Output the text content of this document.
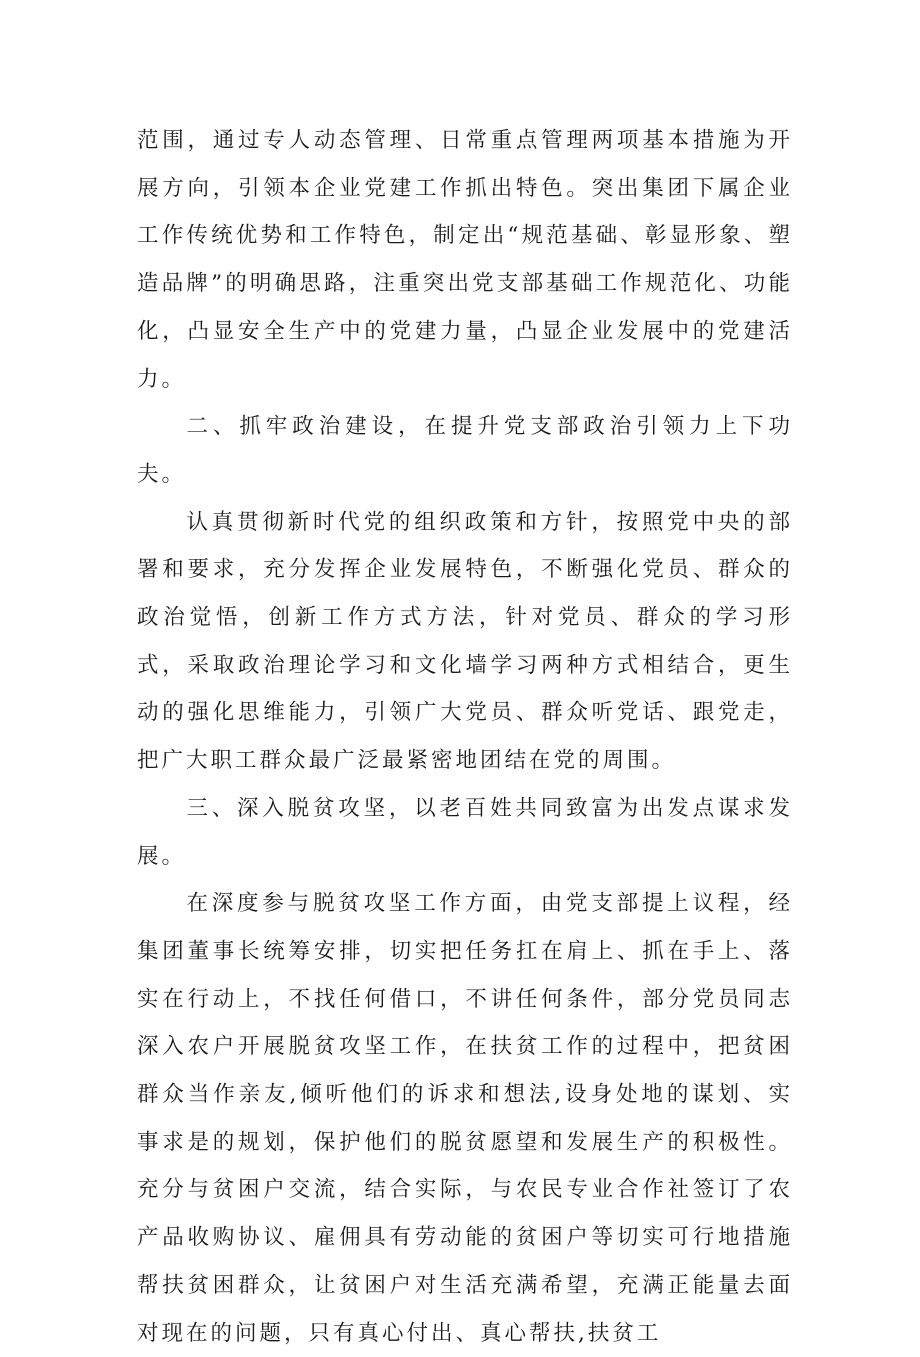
范围，通过专人动态管理、日常重点管理两项基本措施为开展方向，引领本企业党建工作抓出特色。突出集团下属企业工作传统优势和工作特色，制定出“规范基础、彰显形象、塑造品牌”的明确思路，注重突出党支部基础工作规范化、功能化，凸显安全生产中的党建力量，凸显企业发展中的党建活力。

二、抓牢政治建设，在提升党支部政治引领力上下功夫。

认真贯彻新时代党的组织政策和方针，按照党中央的部署和要求，充分发挥企业发展特色，不断强化党员、群众的政治觉悟，创新工作方式方法，针对党员、群众的学习形式，采取政治理论学习和文化墙学习两种方式相结合，更生动的强化思维能力，引领广大党员、群众听党话、跟党走，把广大职工群众最广泛最紧密地团结在党的周围。

三、深入脱贫攻坚，以老百姓共同致富为出发点谋求发展。

在深度参与脱贫攻坚工作方面，由党支部提上议程，经集团董事长统筹安排，切实把任务扛在肩上、抓在手上、落实在行动上，不找任何借口，不讲任何条件，部分党员同志深入农户开展脱贫攻坚工作，在扶贫工作的过程中，把贫困群众当作亲友,倾听他们的诉求和想法,设身处地的谋划、实事求是的规划，保护他们的脱贫愿望和发展生产的积极性。充分与贫困户交流，结合实际，与农民专业合作社签订了农产品收购协议、雇佣具有劳动能的贫困户等切实可行地措施帮扶贫困群众，让贫困户对生活充满希望，充满正能量去面对现在的问题，只有真心付出、真心帮扶,扶贫工
